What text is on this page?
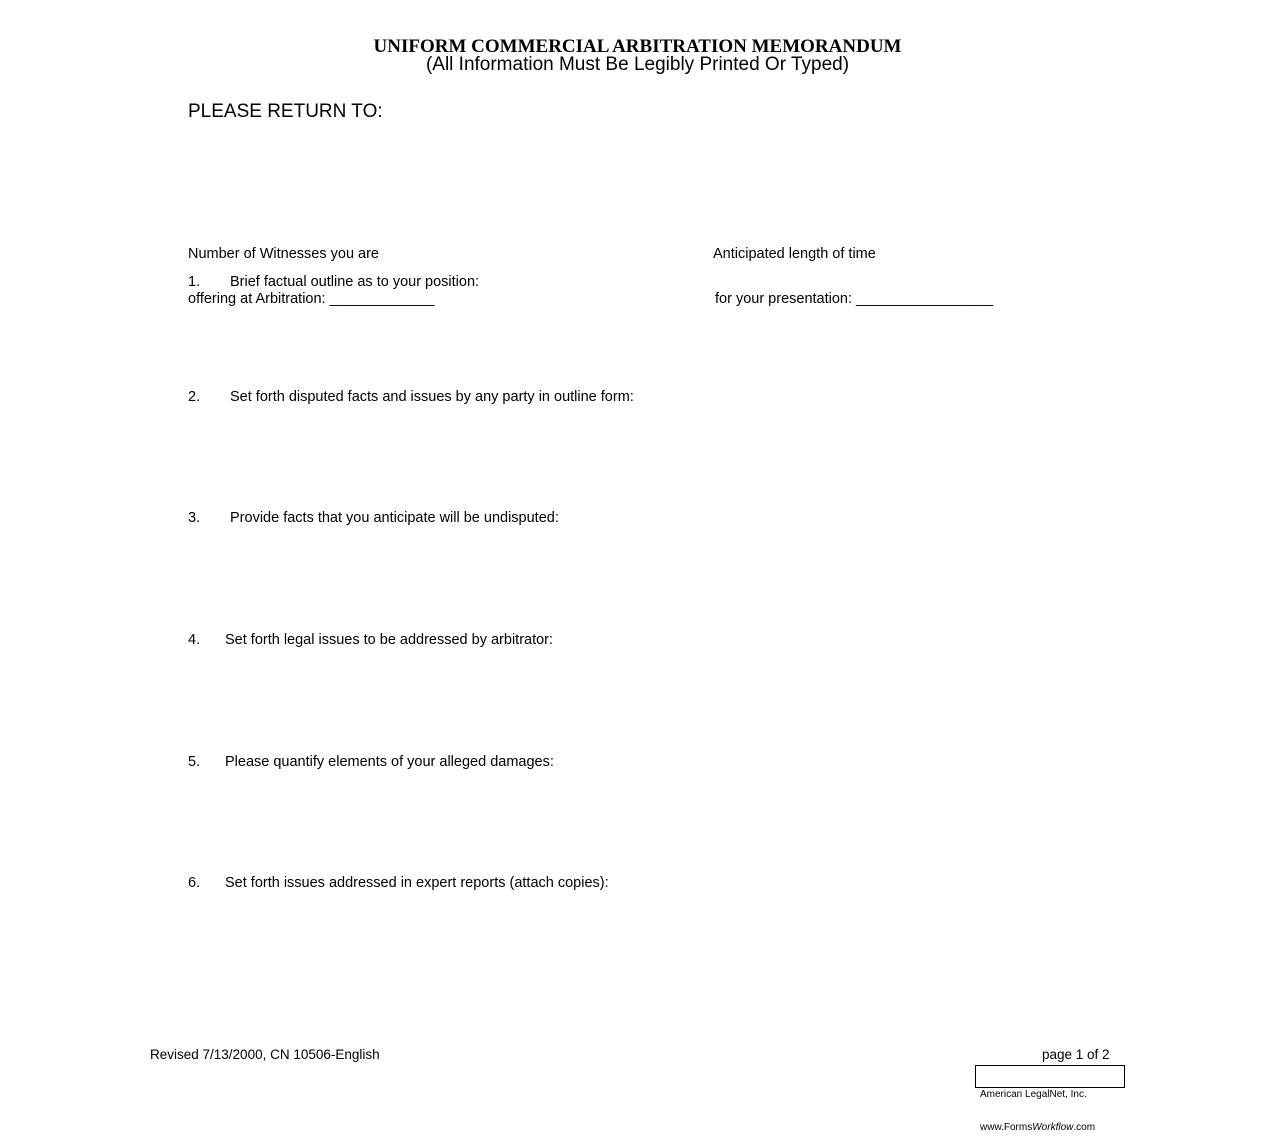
UNIFORM COMMERCIAL ARBITRATION MEMORANDUM
(All Information Must Be Legibly Printed Or Typed)
PLEASE RETURN TO:

Number of Witnesses you are

offering at Arbitration: _____________

Anticipated length of time

for your presentation: _________________

1. Brief factual outline as to your position:
2. Set forth disputed facts and issues by any party in outline form:
3. Provide facts that you anticipate will be undisputed:
4. Set forth legal issues to be addressed by arbitrator:
5. Please quantify elements of your alleged damages:
6. Set forth issues addressed in expert reports (attach copies):
Revised 7/13/2000, CN 10506-English	page 1 of 2

American LegalNet, Inc.

www.FormsWorkflow.com
